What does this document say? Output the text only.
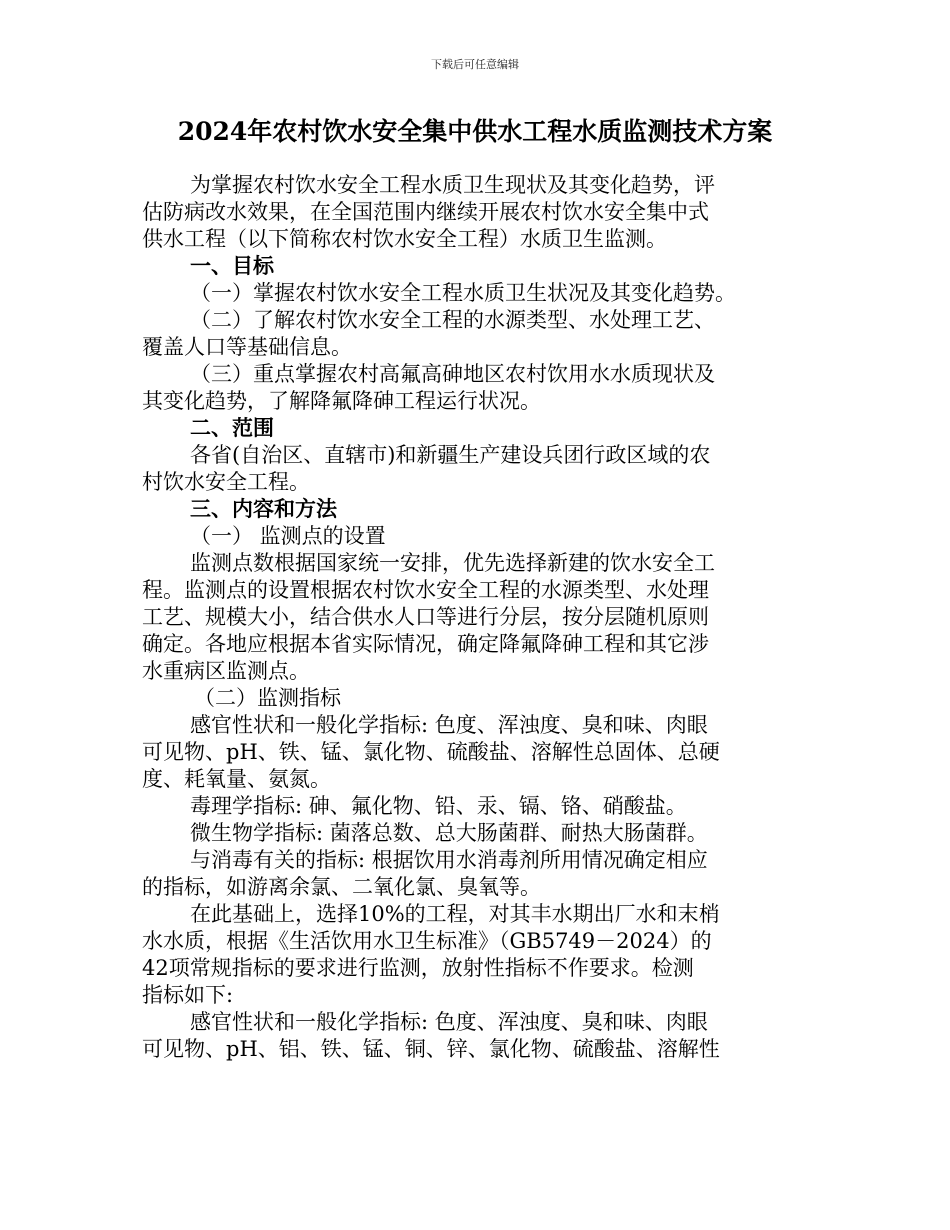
下载后可任意编辑
2024年农村饮水安全集中供水工程水质监测技术方案
为掌握农村饮水安全工程水质卫生现状及其变化趋势，评
估防病改水效果，在全国范围内继续开展农村饮水安全集中式
供水工程（以下简称农村饮水安全工程）水质卫生监测。
一、目标
（一）掌握农村饮水安全工程水质卫生状况及其变化趋势。
（二）了解农村饮水安全工程的水源类型、水处理工艺、
覆盖人口等基础信息。
（三）重点掌握农村高氟高砷地区农村饮用水水质现状及
其变化趋势，了解降氟降砷工程运行状况。
二、范围
各省(自治区、直辖市)和新疆生产建设兵团行政区域的农
村饮水安全工程。
三、内容和方法
（一） 监测点的设置
监测点数根据国家统一安排，优先选择新建的饮水安全工
程。监测点的设置根据农村饮水安全工程的水源类型、水处理
工艺、规模大小，结合供水人口等进行分层，按分层随机原则
确定。各地应根据本省实际情况，确定降氟降砷工程和其它涉
水重病区监测点。
（二）监测指标
感官性状和一般化学指标: 色度、浑浊度、臭和味、肉眼
可见物、pH、铁、锰、氯化物、硫酸盐、溶解性总固体、总硬
度、耗氧量、氨氮。
毒理学指标: 砷、氟化物、铅、汞、镉、铬、硝酸盐。
微生物学指标: 菌落总数、总大肠菌群、耐热大肠菌群。
与消毒有关的指标: 根据饮用水消毒剂所用情况确定相应
的指标，如游离余氯、二氧化氯、臭氧等。
在此基础上，选择10%的工程，对其丰水期出厂水和末梢
水水质，根据《生活饮用水卫生标准》（GB5749－2024）的
42项常规指标的要求进行监测，放射性指标不作要求。检测
指标如下:
感官性状和一般化学指标: 色度、浑浊度、臭和味、肉眼
可见物、pH、铝、铁、锰、铜、锌、氯化物、硫酸盐、溶解性
